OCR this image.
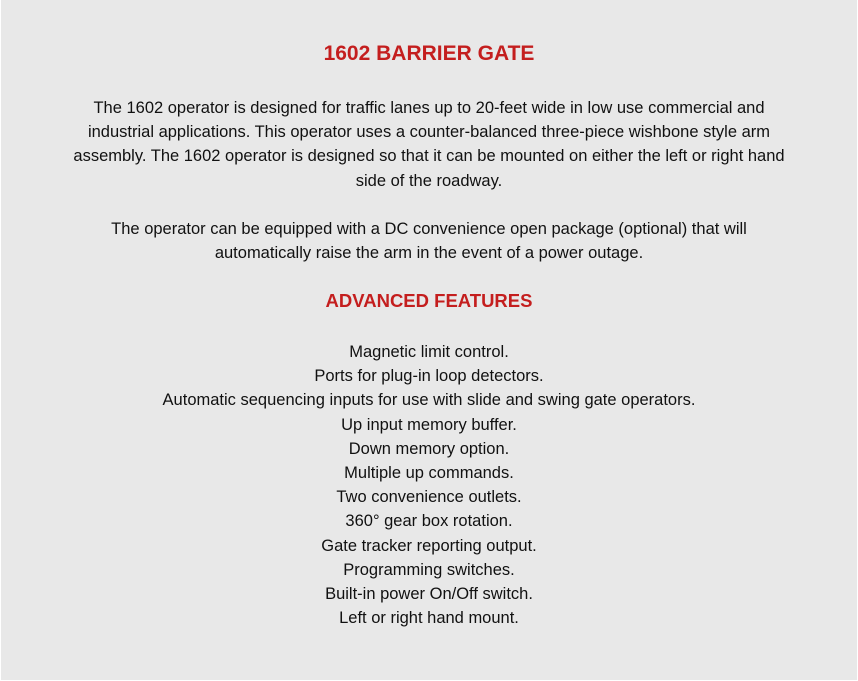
1602 BARRIER GATE

The 1602 operator is designed for traffic lanes up to 20-feet wide in low use commercial and industrial applications. This operator uses a counter-balanced three-piece wishbone style arm assembly. The 1602 operator is designed so that it can be mounted on either the left or right hand side of the roadway.

The operator can be equipped with a DC convenience open package (optional) that will automatically raise the arm in the event of a power outage.

ADVANCED FEATURES
Magnetic limit control.
Ports for plug-in loop detectors.
Automatic sequencing inputs for use with slide and swing gate operators.
Up input memory buffer.
Down memory option.
Multiple up commands.
Two convenience outlets.
360° gear box rotation.
Gate tracker reporting output.
Programming switches.
Built-in power On/Off switch.
Left or right hand mount.
